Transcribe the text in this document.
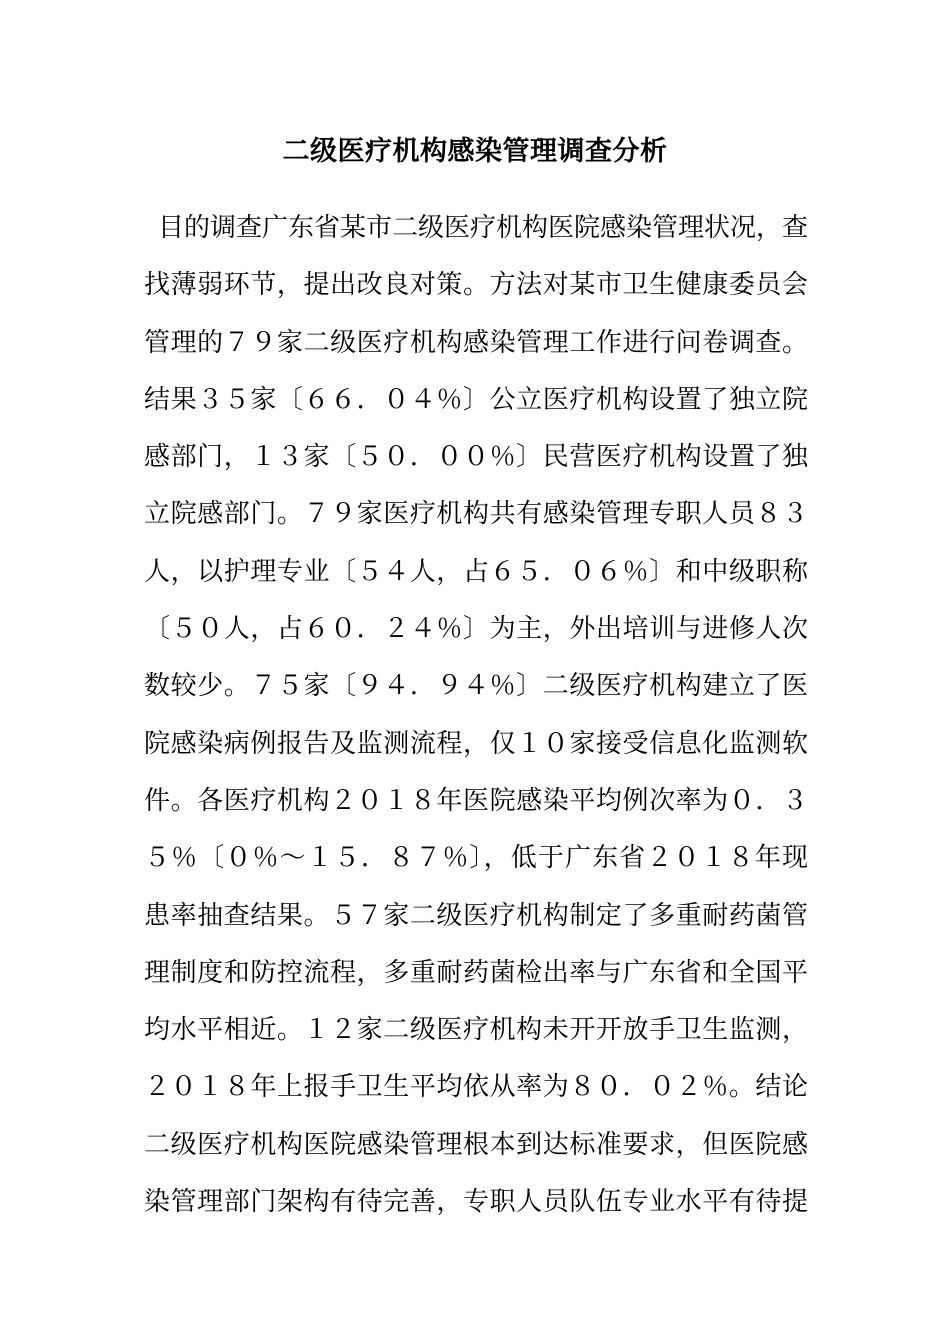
二级医疗机构感染管理调查分析
目的调查广东省某市二级医疗机构医院感染管理状况，查
找薄弱环节，提出改良对策。方法对某市卫生健康委员会
管理的７９家二级医疗机构感染管理工作进行问卷调查。
结果３５家〔６６．０４％〕公立医疗机构设置了独立院
感部门，１３家〔５０．００％〕民营医疗机构设置了独
立院感部门。７９家医疗机构共有感染管理专职人员８３
人，以护理专业〔５４人，占６５．０６％〕和中级职称
〔５０人，占６０．２４％〕为主，外出培训与进修人次
数较少。７５家〔９４．９４％〕二级医疗机构建立了医
院感染病例报告及监测流程，仅１０家接受信息化监测软
件。各医疗机构２０１８年医院感染平均例次率为０．３
５％〔０％～１５．８７％〕，低于广东省２０１８年现
患率抽查结果。５７家二级医疗机构制定了多重耐药菌管
理制度和防控流程，多重耐药菌检出率与广东省和全国平
均水平相近。１２家二级医疗机构未开开放手卫生监测，
２０１８年上报手卫生平均依从率为８０．０２％。结论
二级医疗机构医院感染管理根本到达标准要求，但医院感
染管理部门架构有待完善，专职人员队伍专业水平有待提
